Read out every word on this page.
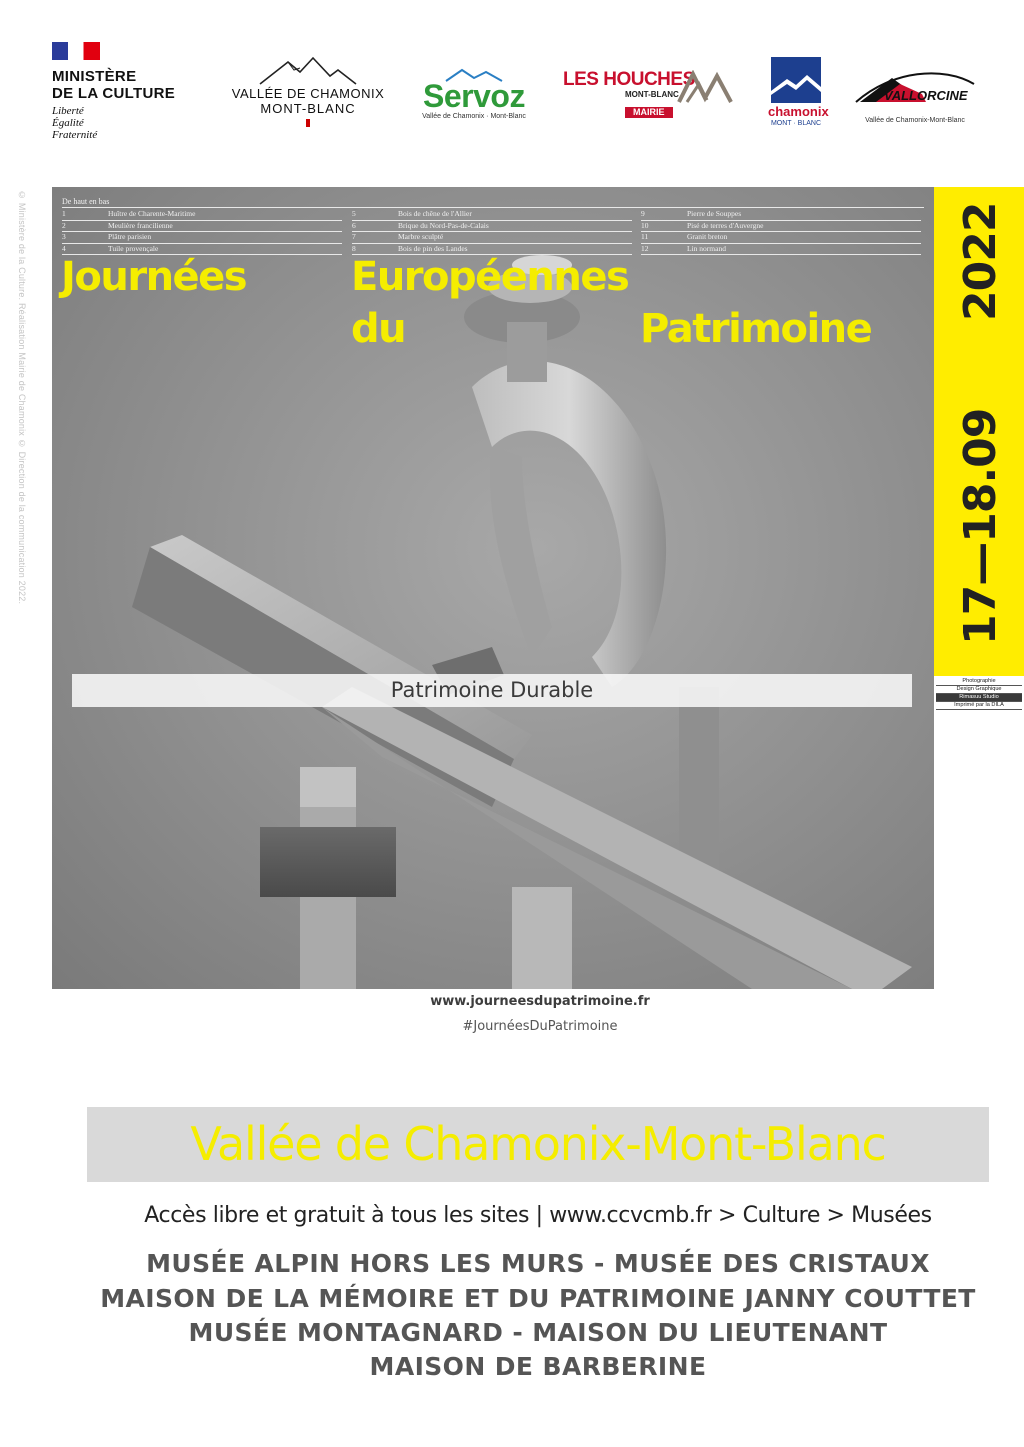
MINISTÈRE
DE LA CULTURE
Liberté
Égalité
Fraternité
VALLÉE DE CHAMONIX
MONT-BLANC	Servoz
Vallée de Chamonix · Mont-Blanc
LES HOUCHES
MONT-BLANC
MAIRIE	chamonix
MONT · BLANC
VALLORCINE
Vallée de Chamonix-Mont-Blanc
© Ministère de la Culture. Réalisation Mairie de Chamonix © Direction de la communication 2022.	De haut en bas
1	Huître de Charente-Maritime
2	Meulière francilienne
3	Plâtre parisien
4	Tuile provençale
5	Bois de chêne de l'Allier
6	Brique du Nord-Pas-de-Calais
7	Marbre sculpté
8	Bois de pin des Landes
9	Pierre de Souppes
10	Pisé de terres d'Auvergne
11	Granit breton
12	Lin normand
Journées	Européennes
du	Patrimoine
Patrimoine Durable
17—18.09
2022
Photographie
Design Graphique
Rimasuu Studio
Imprimé par la DILA
www.journeesdupatrimoine.fr
#JournéesDuPatrimoine
Vallée de Chamonix-Mont-Blanc
Accès libre et gratuit à tous les sites | www.ccvcmb.fr > Culture > Musées
MUSÉE ALPIN HORS LES MURS - MUSÉE DES CRISTAUX
MAISON DE LA MÉMOIRE ET DU PATRIMOINE JANNY COUTTET
MUSÉE MONTAGNARD - MAISON DU LIEUTENANT
MAISON DE BARBERINE
